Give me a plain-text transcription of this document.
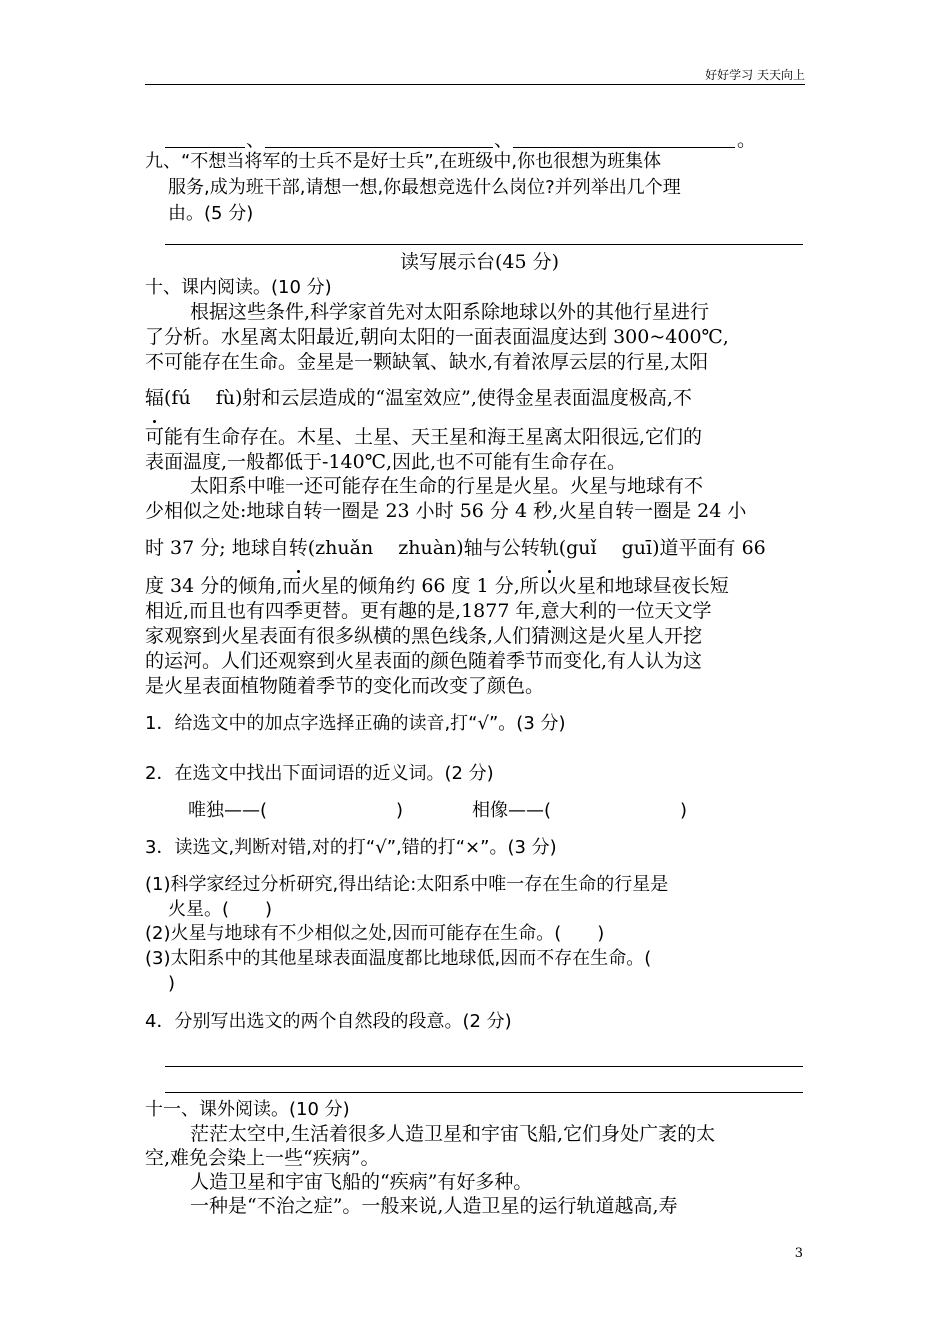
好好学习 天天向上
、	、	。
九、“不想当将军的士兵不是好士兵”,在班级中,你也很想为班集体
服务,成为班干部,请想一想,你最想竞选什么岗位?并列举出几个理
由。(5 分)
读写展示台(45 分)
十、课内阅读。(10 分)
根据这些条件,科学家首先对太阳系除地球以外的其他行星进行
了分析。水星离太阳最近,朝向太阳的一面表面温度达到 300~400℃,
不可能存在生命。金星是一颗缺氧、缺水,有着浓厚云层的行星,太阳
辐(fú　 fù)射和云层造成的“温室效应”,使得金星表面温度极高,不
可能有生命存在。木星、土星、天王星和海王星离太阳很远,它们的
表面温度,一般都低于-140℃,因此,也不可能有生命存在。
太阳系中唯一还可能存在生命的行星是火星。火星与地球有不
少相似之处:地球自转一圈是 23 小时 56 分 4 秒,火星自转一圈是 24 小
时 37 分; 地球自转(zhuǎn　 zhuàn)轴与公转轨(guǐ　 guī)道平面有 66
度 34 分的倾角,而火星的倾角约 66 度 1 分,所以火星和地球昼夜长短
相近,而且也有四季更替。更有趣的是,1877 年,意大利的一位天文学
家观察到火星表面有很多纵横的黑色线条,人们猜测这是火星人开挖
的运河。人们还观察到火星表面的颜色随着季节而变化,有人认为这
是火星表面植物随着季节的变化而改变了颜色。
1．给选文中的加点字选择正确的读音,打“√”。(3 分)
2．在选文中找出下面词语的近义词。(2 分)
唯独——(	)	相像——(	)
3．读选文,判断对错,对的打“√”,错的打“×”。(3 分)
(1)科学家经过分析研究,得出结论:太阳系中唯一存在生命的行星是
火星。(　　)
(2)火星与地球有不少相似之处,因而可能存在生命。(　　)
(3)太阳系中的其他星球表面温度都比地球低,因而不存在生命。(
)
4．分别写出选文的两个自然段的段意。(2 分)
十一、课外阅读。(10 分)
茫茫太空中,生活着很多人造卫星和宇宙飞船,它们身处广袤的太
空,难免会染上一些“疾病”。
人造卫星和宇宙飞船的“疾病”有好多种。
一种是“不治之症”。一般来说,人造卫星的运行轨道越高,寿
3
